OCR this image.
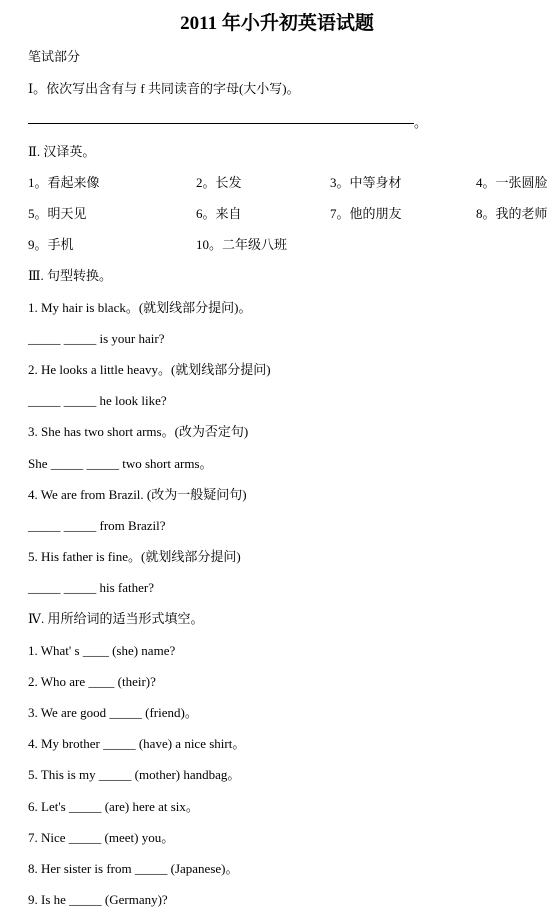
2011 年小升初英语试题
笔试部分
Ⅰ。依次写出含有与 f 共同读音的字母(大小写)。
。
Ⅱ. 汉译英。
1。看起来像	2。长发	3。中等身材	4。一张圆脸
5。明天见	6。来自	7。他的朋友	8。我的老师
9。手机	10。二年级八班
Ⅲ. 句型转换。
1. My hair is black。(就划线部分提问)。
_____ _____ is your hair?
2. He looks a little heavy。(就划线部分提问)
_____ _____ he look like?
3. She has two short arms。(改为否定句)
She _____ _____ two short arms。
4. We are from Brazil. (改为一般疑问句)
_____ _____ from Brazil?
5. His father is fine。(就划线部分提问)
_____ _____ his father?
Ⅳ. 用所给词的适当形式填空。
1. What' s ____ (she) name?
2. Who are ____ (their)?
3. We are good _____ (friend)。
4. My brother _____ (have) a nice shirt。
5. This is my _____ (mother) handbag。
6. Let's _____ (are) here at six。
7. Nice _____ (meet) you。
8. Her sister is from _____ (Japanese)。
9. Is he _____ (Germany)?
